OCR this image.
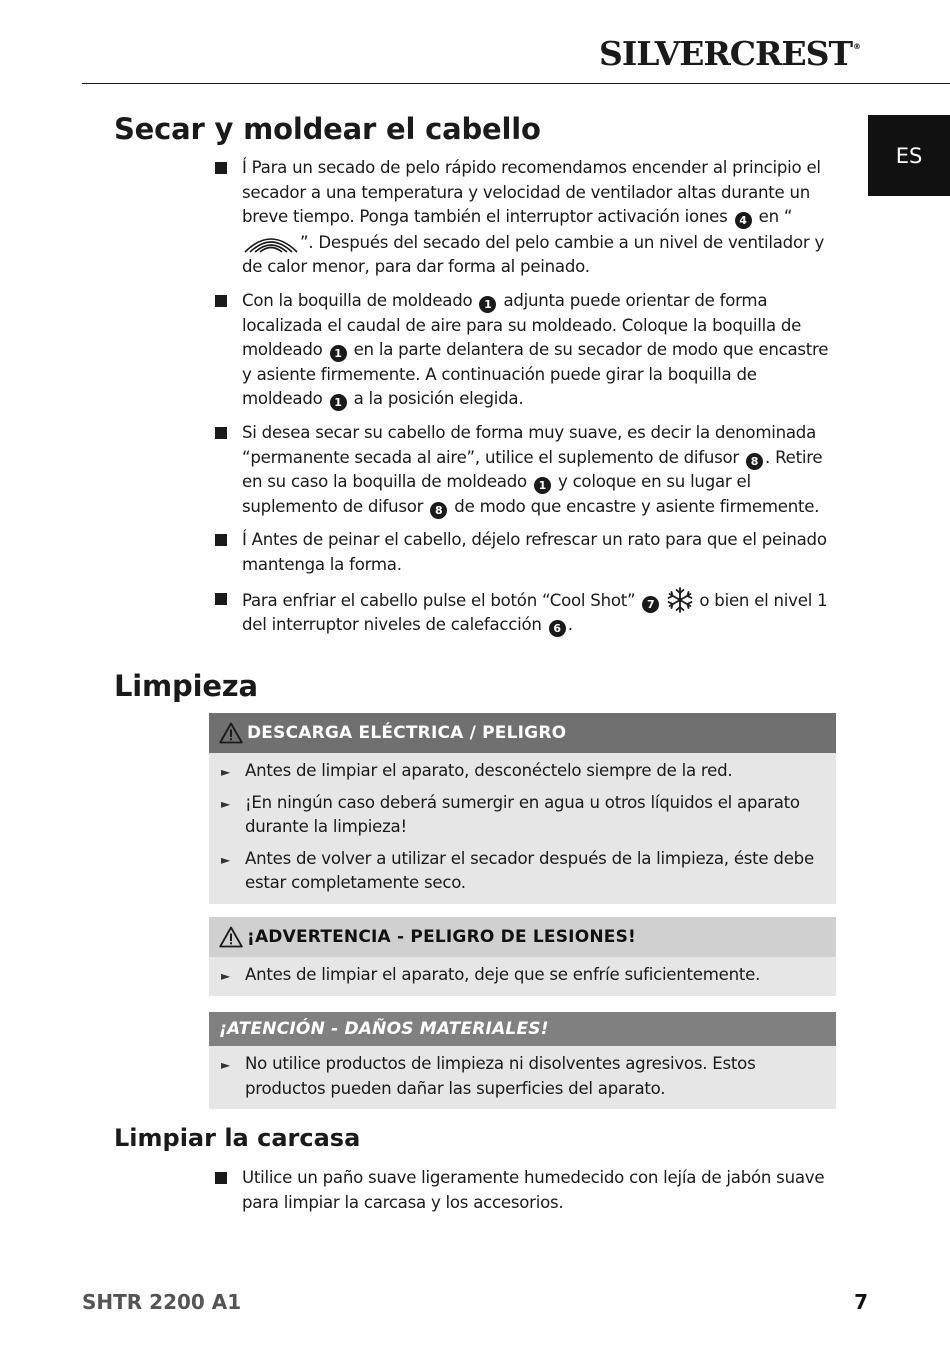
SILVERCREST®
ES
Secar y moldear el cabello
Í Para un secado de pelo rápido recomendamos encender al principio el secador a una temperatura y velocidad de ventilador altas durante un breve tiempo. Ponga también el interruptor activación iones 4 en “”. Después del secado del pelo cambie a un nivel de ventilador y de calor menor, para dar forma al peinado.
Con la boquilla de moldeado 1 adjunta puede orientar de forma localizada el caudal de aire para su moldeado. Coloque la boquilla de moldeado 1 en la parte delantera de su secador de modo que encastre y asiente firmemente. A continuación puede girar la boquilla de moldeado 1 a la posición elegida.
Si desea secar su cabello de forma muy suave, es decir la denominada “permanente secada al aire”, utilice el suplemento de difusor 8 . Retire en su caso la boquilla de moldeado 1 y coloque en su lugar el suplemento de difusor 8 de modo que encastre y asiente firmemente.
Í Antes de peinar el cabello, déjelo refrescar un rato para que el peinado mantenga la forma.
Para enfriar el cabello pulse el botón “Cool Shot” 7	o bien el nivel 1 del interruptor niveles de calefacción 6 .
Limpieza
DESCARGA ELÉCTRICA / PELIGRO
► Antes de limpiar el aparato, desconéctelo siempre de la red.
► ¡En ningún caso deberá sumergir en agua u otros líquidos el aparato durante la limpieza!
► Antes de volver a utilizar el secador después de la limpieza, éste debe estar completamente seco.
¡ADVERTENCIA - PELIGRO DE LESIONES!
► Antes de limpiar el aparato, deje que se enfríe suficientemente.
¡ATENCIÓN - DAÑOS MATERIALES!
► No utilice productos de limpieza ni disolventes agresivos. Estos productos pueden dañar las superficies del aparato.
Limpiar la carcasa
Utilice un paño suave ligeramente humedecido con lejía de jabón suave para limpiar la carcasa y los accesorios.
SHTR 2200 A1	7
